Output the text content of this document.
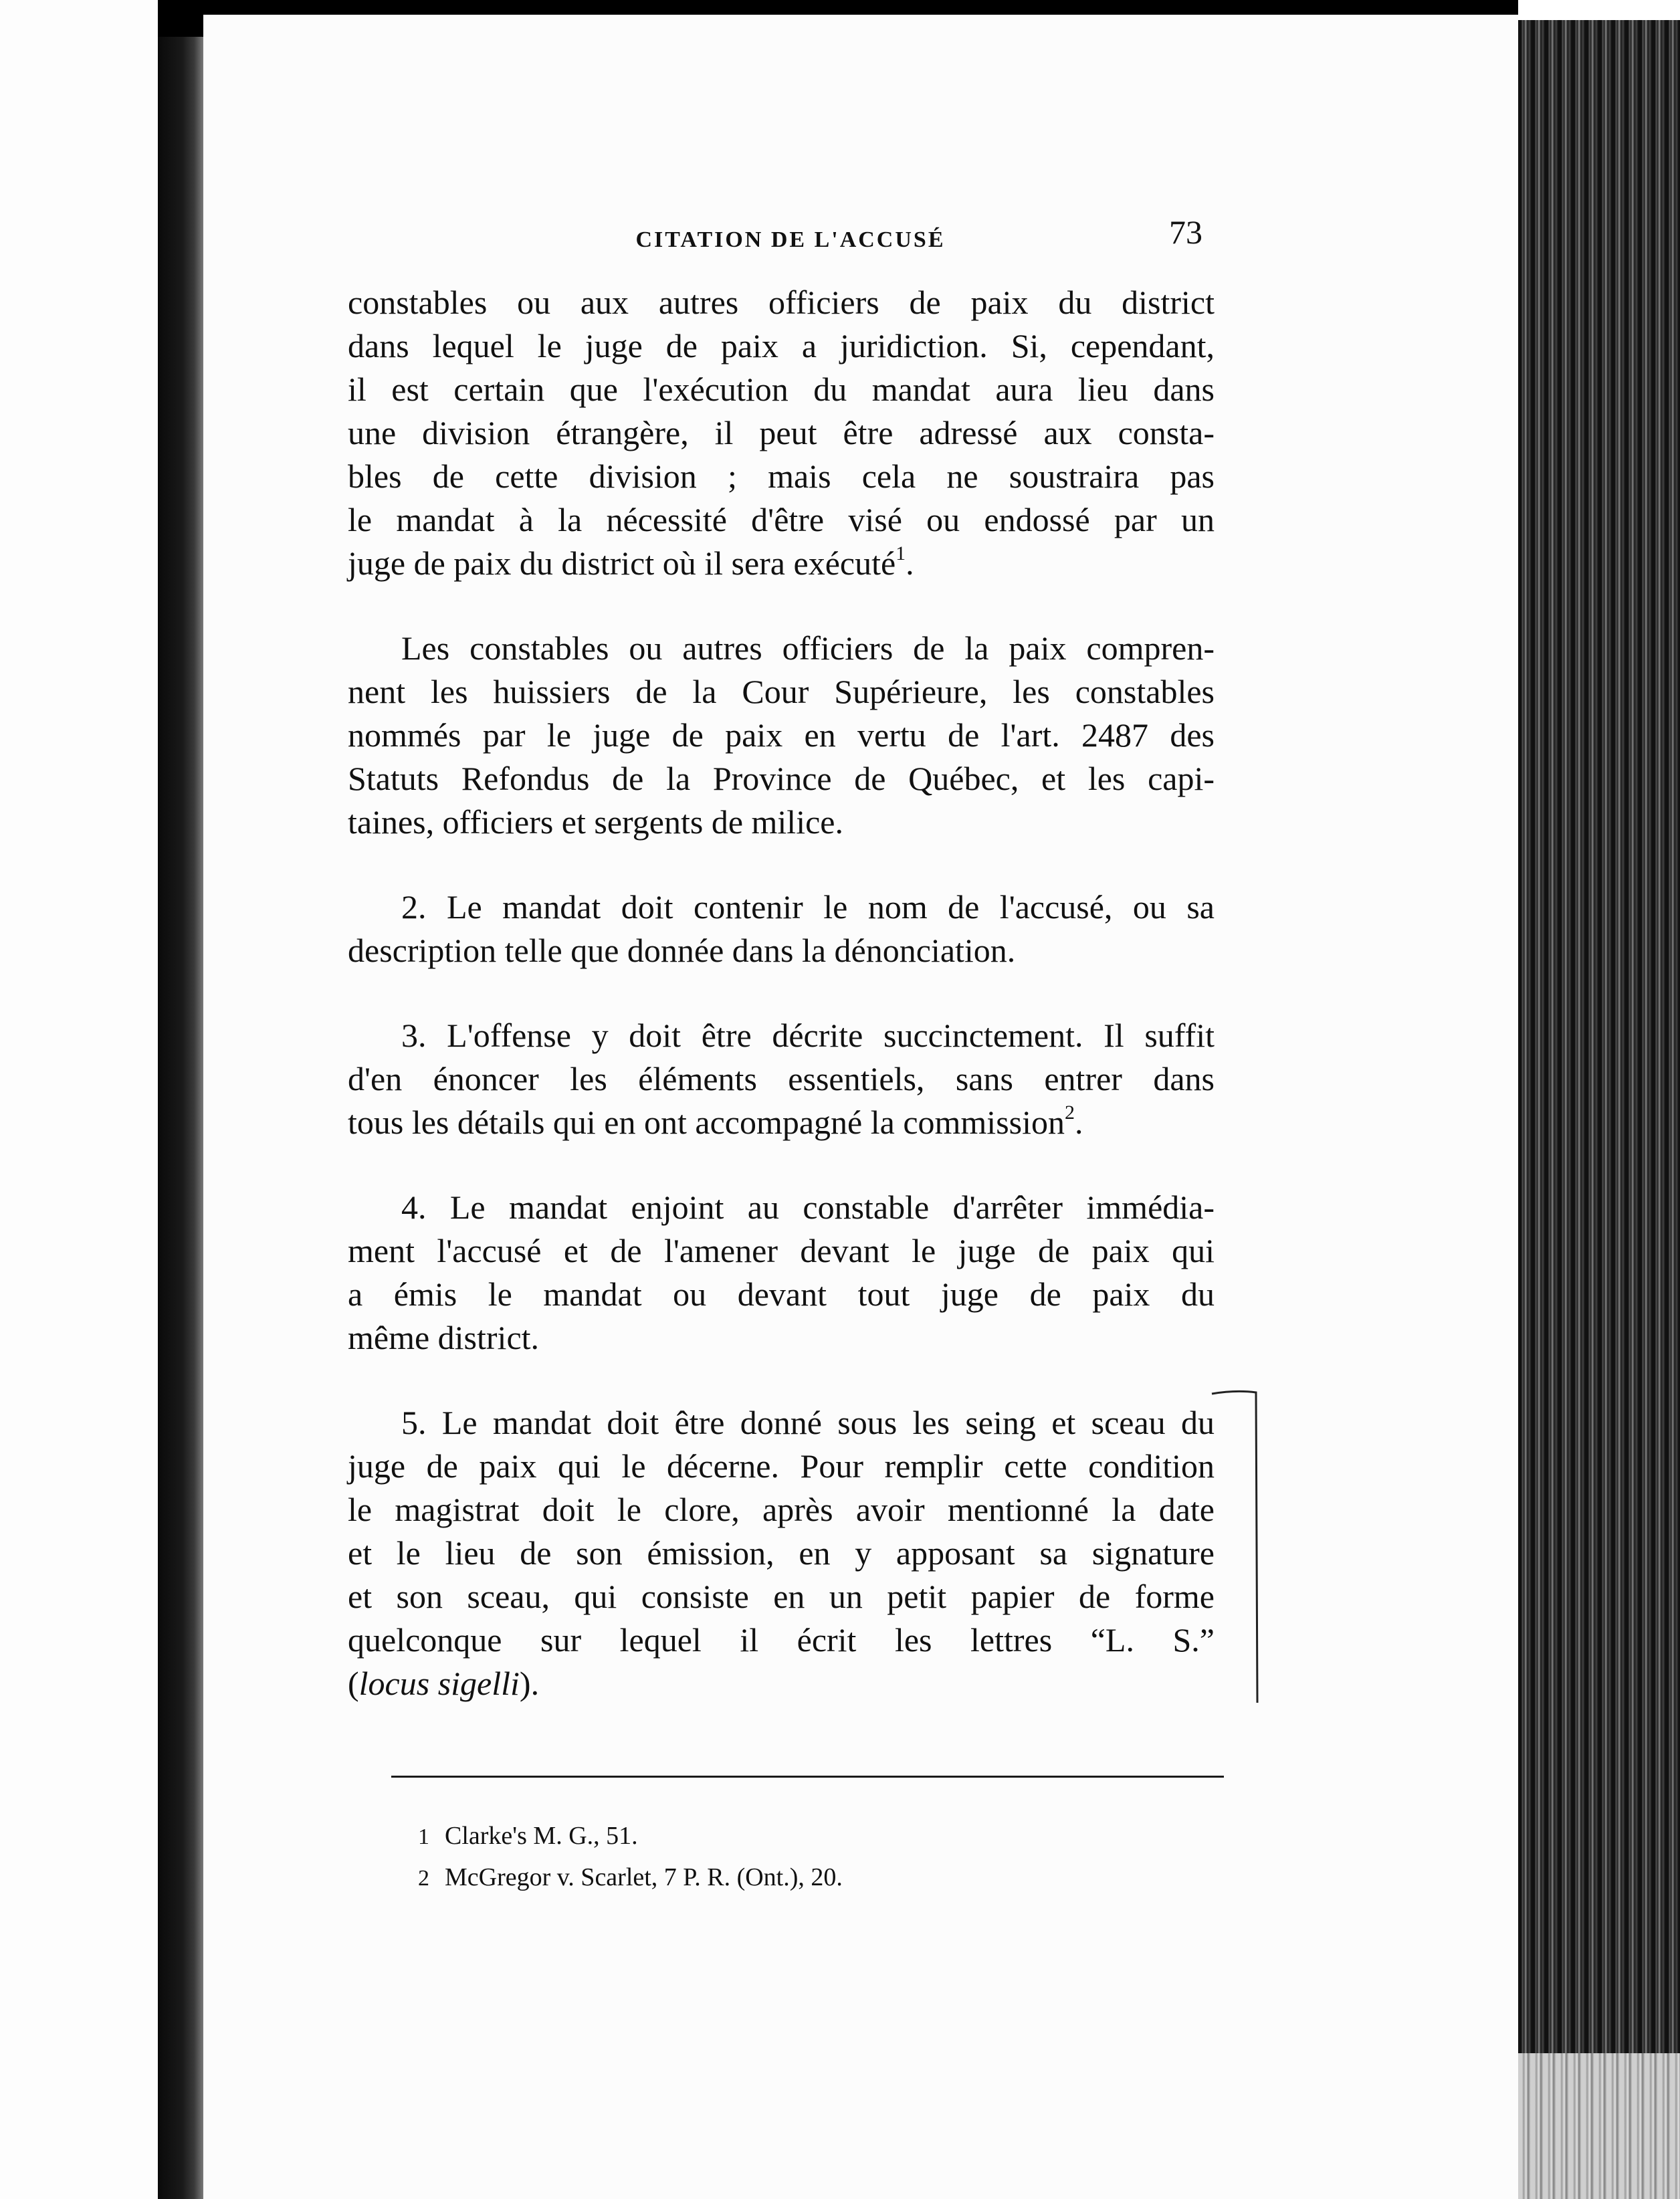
CITATION DE L'ACCUSÉ	73
constables ou aux autres officiers de paix du district
dans lequel le juge de paix a juridiction. Si, cependant,
il est certain que l'exécution du mandat aura lieu dans
une division étrangère, il peut être adressé aux consta-
bles de cette division ; mais cela ne soustraira pas
le mandat à la nécessité d'être visé ou endossé par un
juge de paix du district où il sera exécuté$^1$.
Les constables ou autres officiers de la paix compren-
nent les huissiers de la Cour Supérieure, les constables
nommés par le juge de paix en vertu de l'art. 2487 des
Statuts Refondus de la Province de Québec, et les capi-
taines, officiers et sergents de milice.
2. Le mandat doit contenir le nom de l'accusé, ou sa
description telle que donnée dans la dénonciation.
3. L'offense y doit être décrite succinctement. Il suffit
d'en énoncer les éléments essentiels, sans entrer dans
tous les détails qui en ont accompagné la commission$^2$.
4. Le mandat enjoint au constable d'arrêter immédia-
ment l'accusé et de l'amener devant le juge de paix qui
a émis le mandat ou devant tout juge de paix du
même district.
5. Le mandat doit être donné sous les seing et sceau du
juge de paix qui le décerne. Pour remplir cette condition
le magistrat doit le clore, après avoir mentionné la date
et le lieu de son émission, en y apposant sa signature
et son sceau, qui consiste en un petit papier de forme
quelconque sur lequel il écrit les lettres “L. S.”
(locus sigelli).
1 Clarke's M. G., 51.
2 McGregor v. Scarlet, 7 P. R. (Ont.), 20.
